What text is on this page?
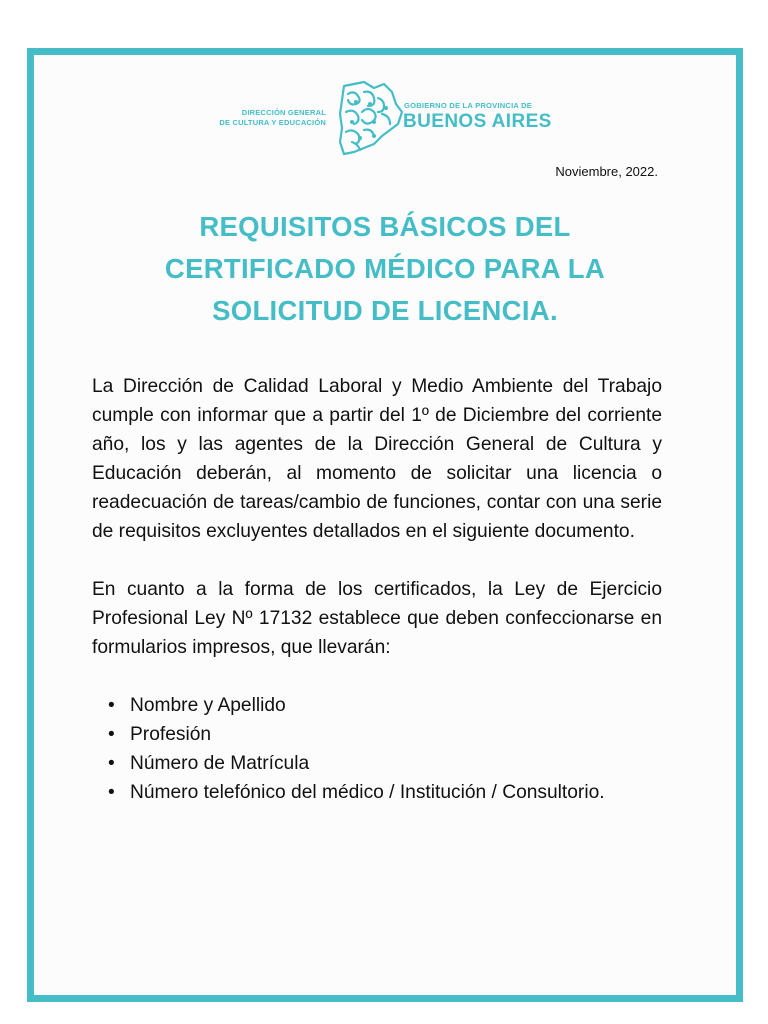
DIRECCIÓN GENERAL
DE CULTURA Y EDUCACIÓN
GOBIERNO DE LA PROVINCIA DE
BUENOS AIRES
Noviembre, 2022.
REQUISITOS BÁSICOS DEL
CERTIFICADO MÉDICO PARA LA
SOLICITUD DE LICENCIA.

La Dirección de Calidad Laboral y Medio Ambiente del Trabajo cumple con informar que a partir del 1º de Diciembre del corriente año, los y las agentes de la Dirección General de Cultura y Educación deberán, al momento de solicitar una licencia o readecuación de tareas/cambio de funciones, contar con una serie de requisitos excluyentes detallados en el siguiente documento.

En cuanto a la forma de los certificados, la Ley de Ejercicio Profesional Ley Nº 17132 establece que deben confeccionarse en formularios impresos, que llevarán:

• Nombre y Apellido
• Profesión
• Número de Matrícula
• Número telefónico del médico / Institución / Consultorio.
